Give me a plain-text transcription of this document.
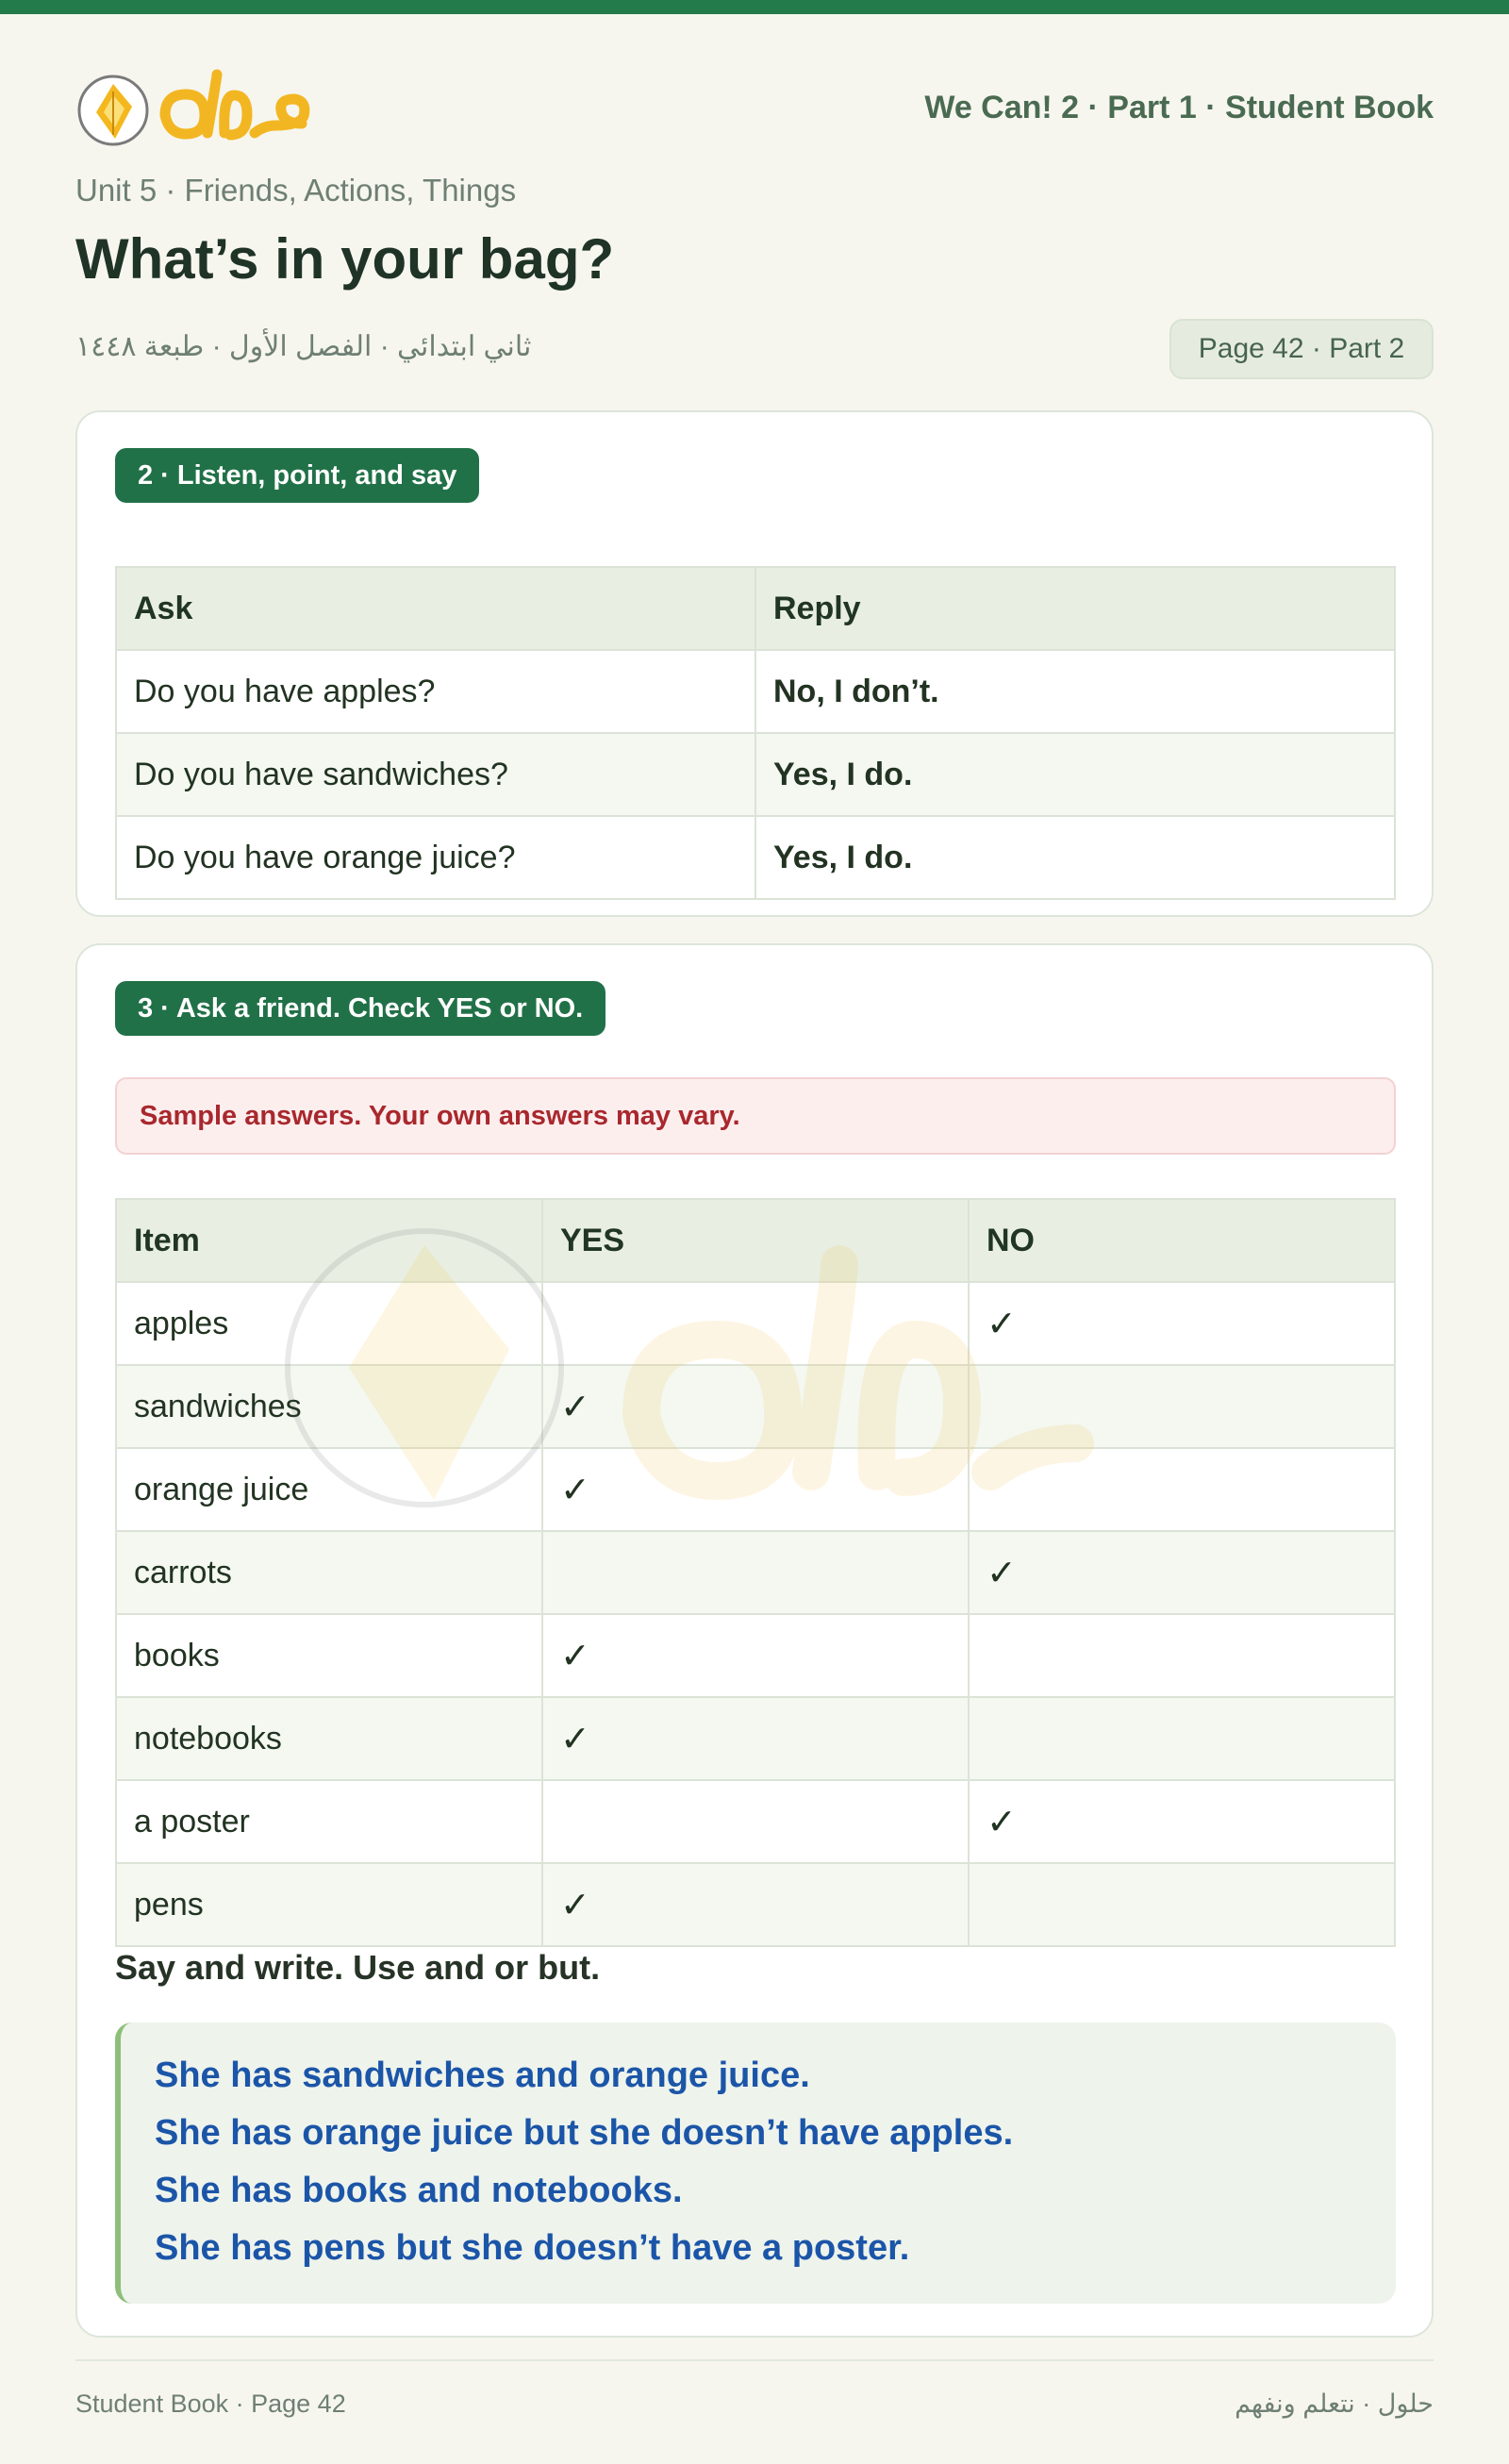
We Can! 2 · Part 1 · Student Book
Unit 5 · Friends, Actions, Things
What’s in your bag?
ثاني ابتدائي · الفصل الأول · طبعة ١٤٤٨	Page 42 · Part 2
2 · Listen, point, and say
Ask	Reply
Do you have apples?	No, I don’t.
Do you have sandwiches?	Yes, I do.
Do you have orange juice?	Yes, I do.
3 · Ask a friend. Check YES or NO.
Sample answers. Your own answers may vary.
Item	YES	NO
apples		✓
sandwiches	✓	
orange juice	✓	
carrots		✓
books	✓	
notebooks	✓	
a poster		✓
pens	✓	
Say and write. Use and or but.
She has sandwiches and orange juice.
She has orange juice but she doesn’t have apples.
She has books and notebooks.
She has pens but she doesn’t have a poster.
Student Book · Page 42	حلول · نتعلم ونفهم
